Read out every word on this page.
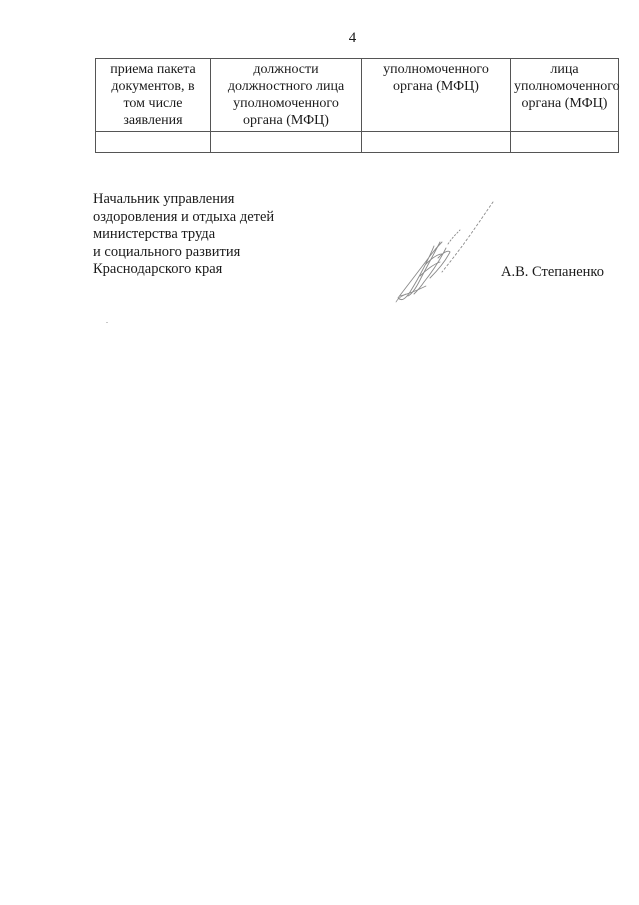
4
приема пакета документов, в том числе заявления	должности должностного лица уполномоченного органа (МФЦ)	уполномоченного органа (МФЦ)	лица уполномоченного органа (МФЦ)

Начальник управления
оздоровления и отдыха детей
министерства труда
и социального развития
Краснодарского края	А.В. Степаненко
